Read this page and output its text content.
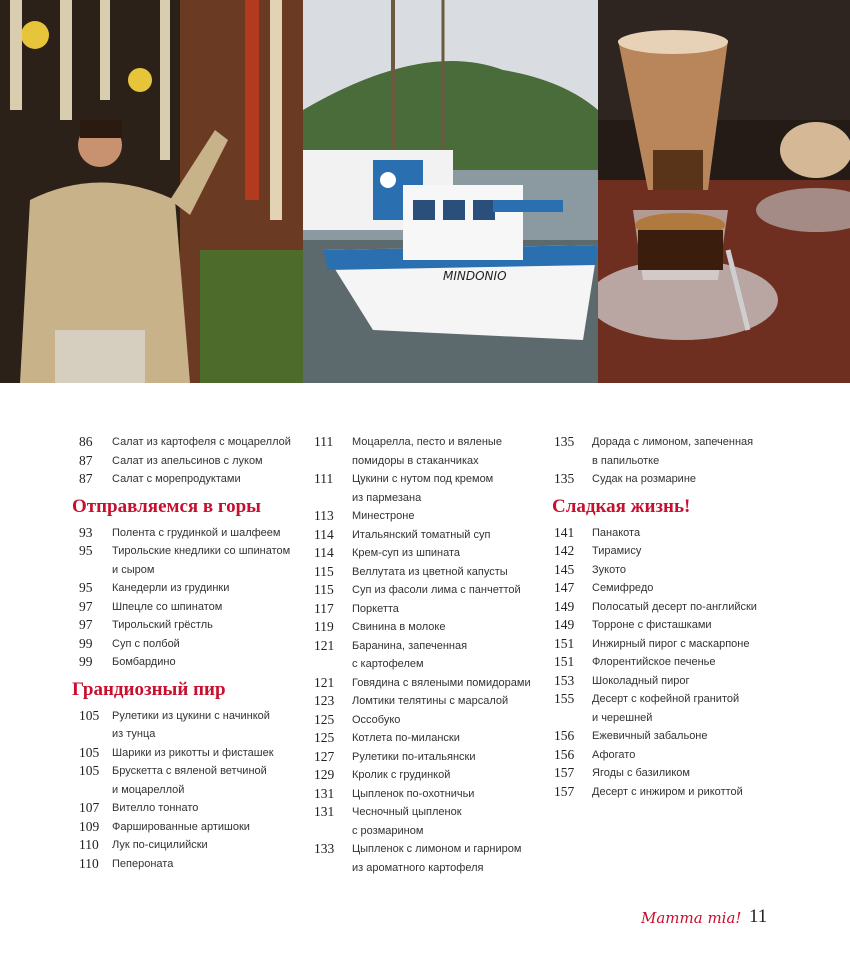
MINDONIO
86	Салат из картофеля с моцареллой
87	Салат из апельсинов с луком
87	Салат с морепродуктами
Отправляемся в горы
93	Полента с грудинкой и шалфеем
95	Тирольские кнедлики со шпинатом
и сыром
95	Канедерли из грудинки
97	Шпецле со шпинатом
97	Тирольский грёстль
99	Суп с полбой
99	Бомбардино
Грандиозный пир
105	Рулетики из цукини с начинкой
из тунца
105	Шарики из рикотты и фисташек
105	Брускетта с вяленой ветчиной
и моцареллой
107	Вителло тоннато
109	Фаршированные артишоки
110	Лук по-сицилийски
110	Пепероната
111	Моцарелла, песто и вяленые
помидоры в стаканчиках
111	Цукини с нутом под кремом
из пармезана
113	Минестроне
114	Итальянский томатный суп
114	Крем-суп из шпината
115	Веллутата из цветной капусты
115	Суп из фасоли лима с панчеттой
117	Поркетта
119	Свинина в молоке
121	Баранина, запеченная
с картофелем
121	Говядина с вялеными помидорами
123	Ломтики телятины с марсалой
125	Оссобуко
125	Котлета по-милански
127	Рулетики по-итальянски
129	Кролик с грудинкой
131	Цыпленок по-охотничьи
131	Чесночный цыпленок
с розмарином
133	Цыпленок с лимоном и гарниром
из ароматного картофеля
135	Дорада с лимоном, запеченная
в папильотке
135	Судак на розмарине
Сладкая жизнь!
141	Панакота
142	Тирамису
145	Зукото
147	Семифредо
149	Полосатый десерт по-английски
149	Торроне с фисташками
151	Инжирный пирог с маскарпоне
151	Флорентийское печенье
153	Шоколадный пирог
155	Десерт с кофейной гранитой
и черешней
156	Ежевичный забальоне
156	Афогато
157	Ягоды с базиликом
157	Десерт с инжиром и рикоттой
Mamma mia! 11
